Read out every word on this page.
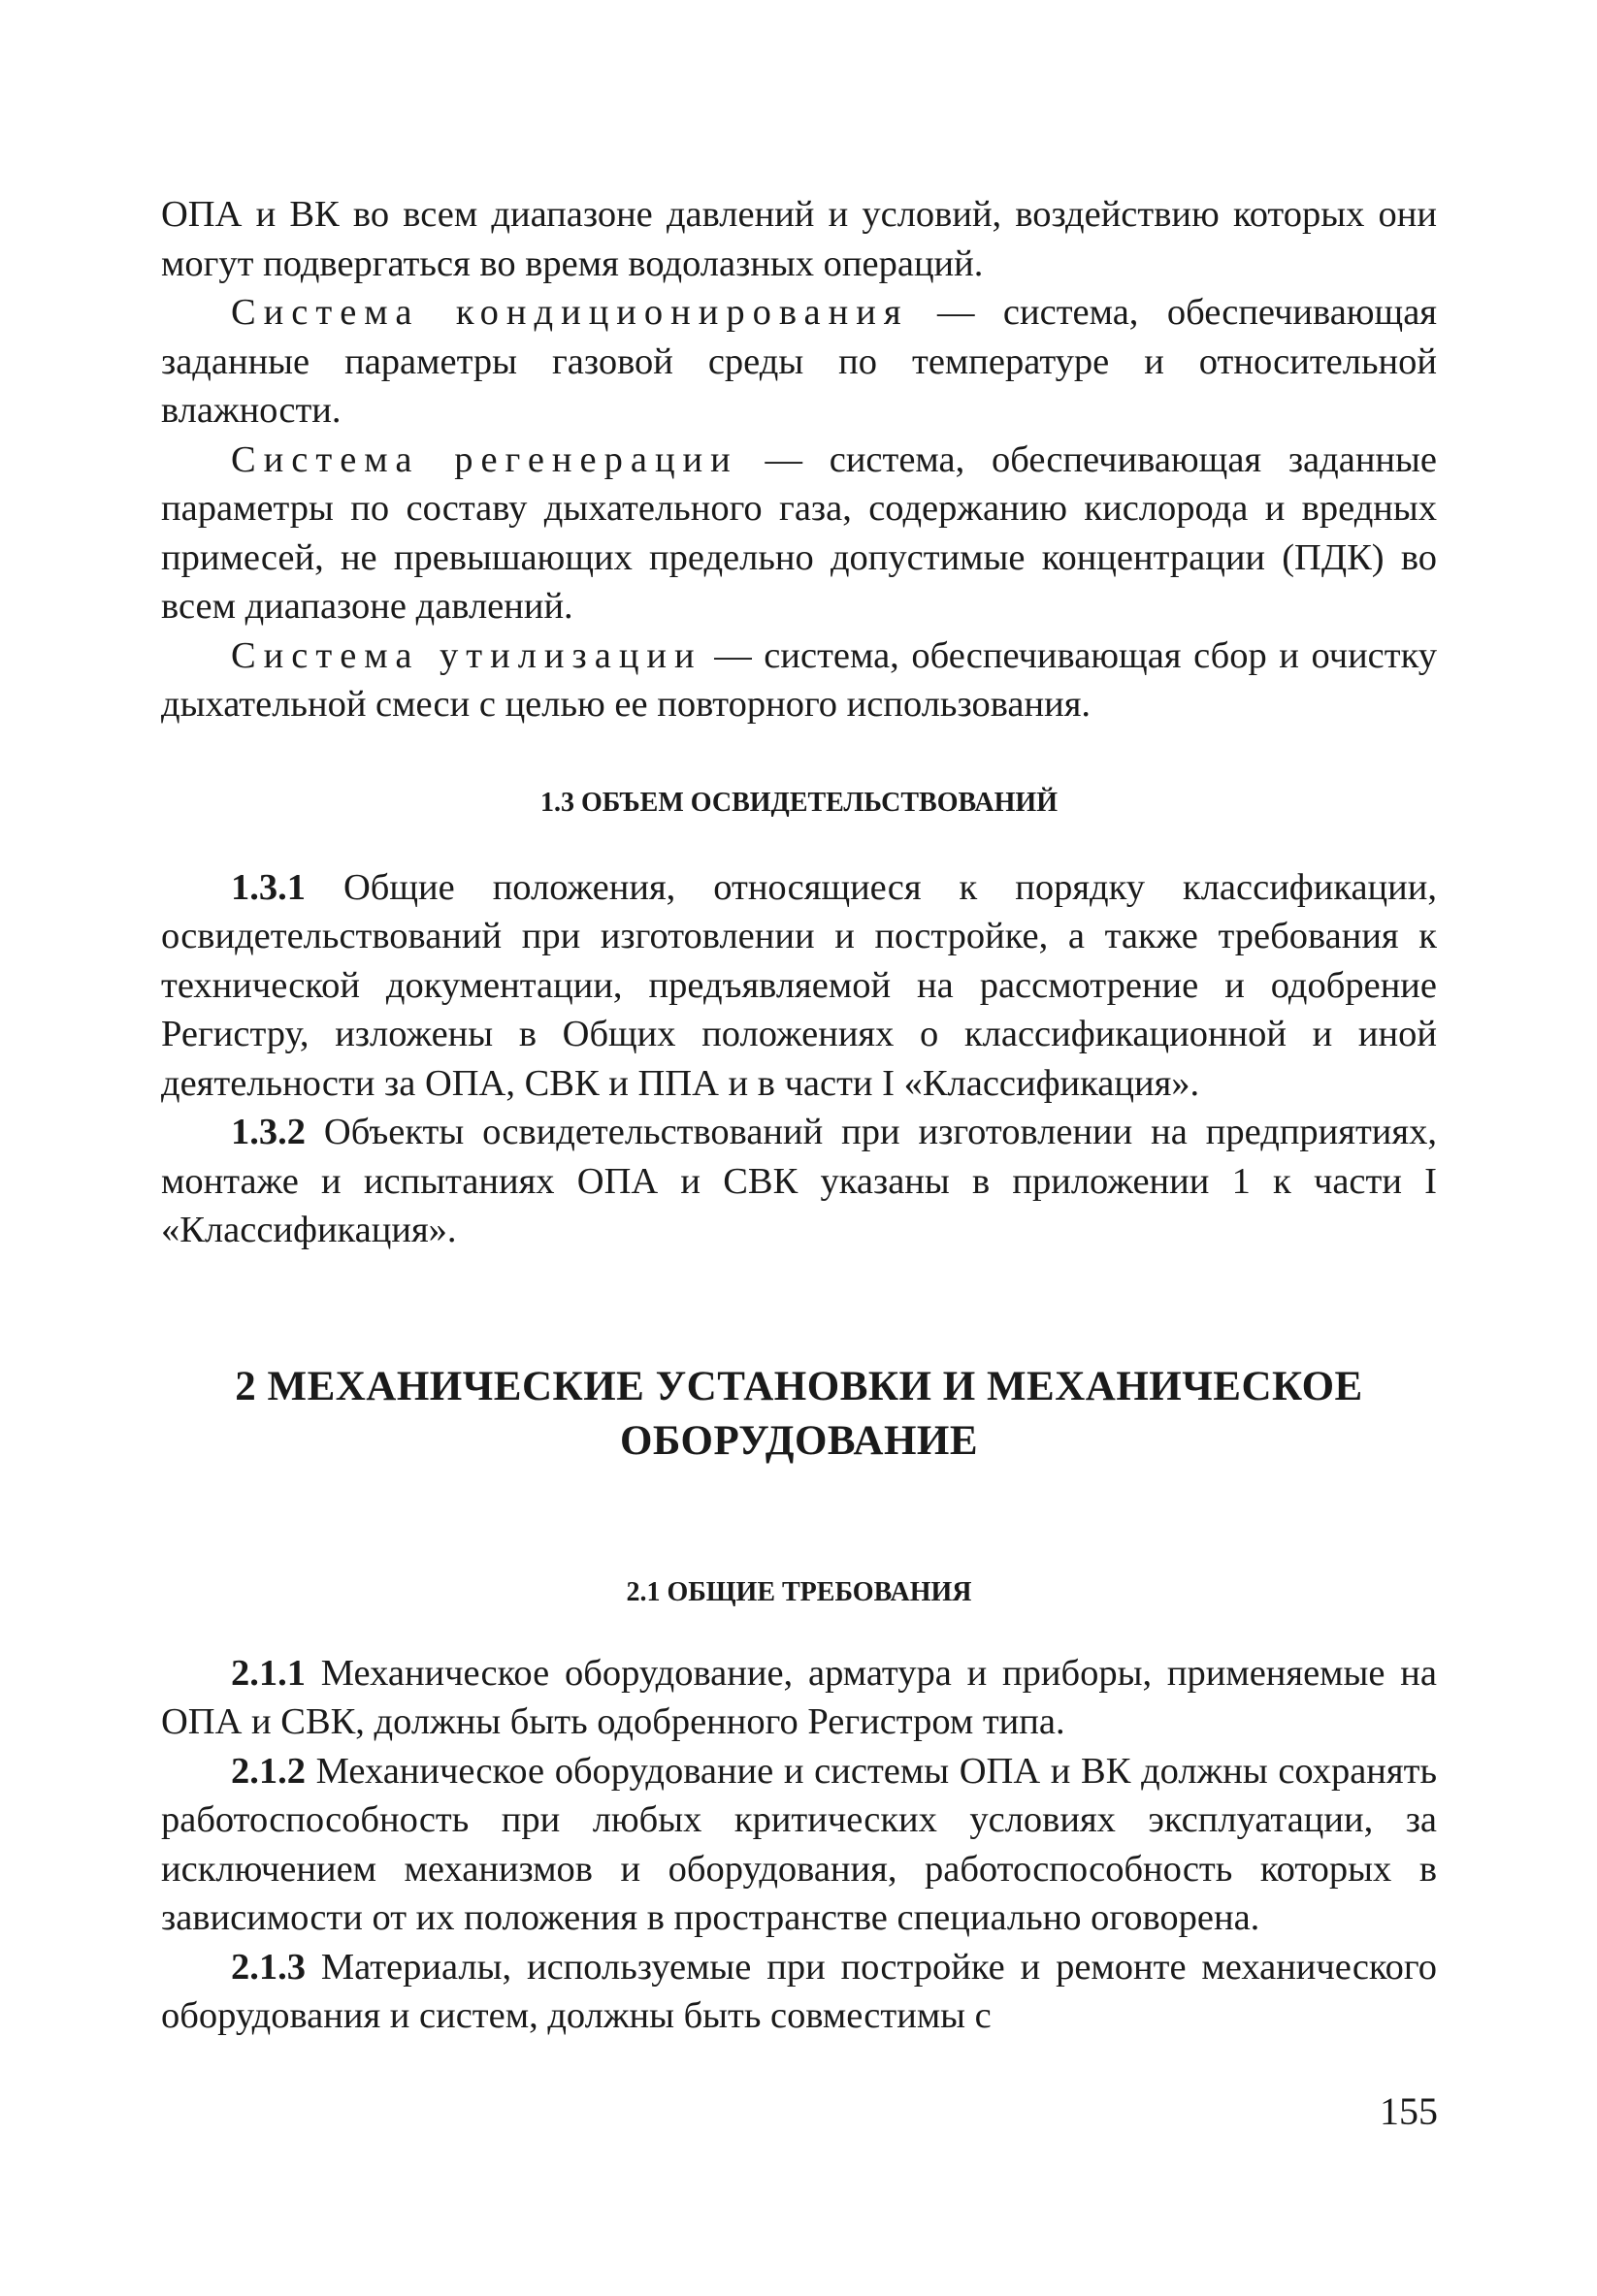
ОПА и ВК во всем диапазоне давлений и условий, воздействию которых они могут подвергаться во время водолазных операций.

Система кондиционирования — система, обеспечивающая заданные параметры газовой среды по температуре и относительной влажности.

Система регенерации — система, обеспечивающая заданные параметры по составу дыхательного газа, содержанию кислорода и вредных примесей, не превышающих предельно допустимые концентрации (ПДК) во всем диапазоне давлений.

Система утилизации — система, обеспечивающая сбор и очистку дыхательной смеси с целью ее повторного использования.

1.3 ОБЪЕМ ОСВИДЕТЕЛЬСТВОВАНИЙ

1.3.1 Общие положения, относящиеся к порядку классификации, освидетельствований при изготовлении и постройке, а также требования к технической документации, предъявляемой на рассмотрение и одобрение Регистру, изложены в Общих положениях о классификационной и иной деятельности за ОПА, СВК и ППА и в части I «Классификация».

1.3.2 Объекты освидетельствований при изготовлении на предприятиях, монтаже и испытаниях ОПА и СВК указаны в приложении 1 к части I «Классификация».

2 МЕХАНИЧЕСКИЕ УСТАНОВКИ И МЕХАНИЧЕСКОЕ
ОБОРУДОВАНИЕ
2.1 ОБЩИЕ ТРЕБОВАНИЯ

2.1.1 Механическое оборудование, арматура и приборы, применяемые на ОПА и СВК, должны быть одобренного Регистром типа.

2.1.2 Механическое оборудование и системы ОПА и ВК должны сохранять работоспособность при любых критических условиях эксплуатации, за исключением механизмов и оборудования, работоспособность которых в зависимости от их положения в пространстве специально оговорена.

2.1.3 Материалы, используемые при постройке и ремонте механического оборудования и систем, должны быть совместимы с

155
